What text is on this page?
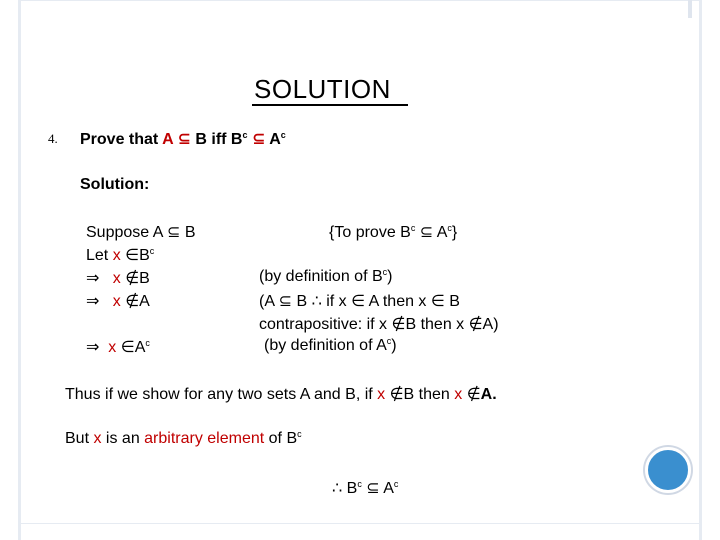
SOLUTION
4. Prove that A ⊆ B iff $B^c$ ⊆ $A^c$
Solution:
Suppose A ⊆ B
Let x $\in B^c$
⇒ x ∉B
⇒ x ∉A
⇒ x $\in A^c$
{To prove $B^c$ ⊆ $A^c$}
(by definition of $B^c$)
(A ⊆ B ∴ if x ∈ A then x ∈ B
contrapositive: if x ∉B then x ∉A)
(by definition of $A^c$)
Thus if we show for any two sets A and B, if x ∉B then x ∉A.
But x is an arbitrary element of $B^c$
∴ $B^c$ ⊆ $A^c$
